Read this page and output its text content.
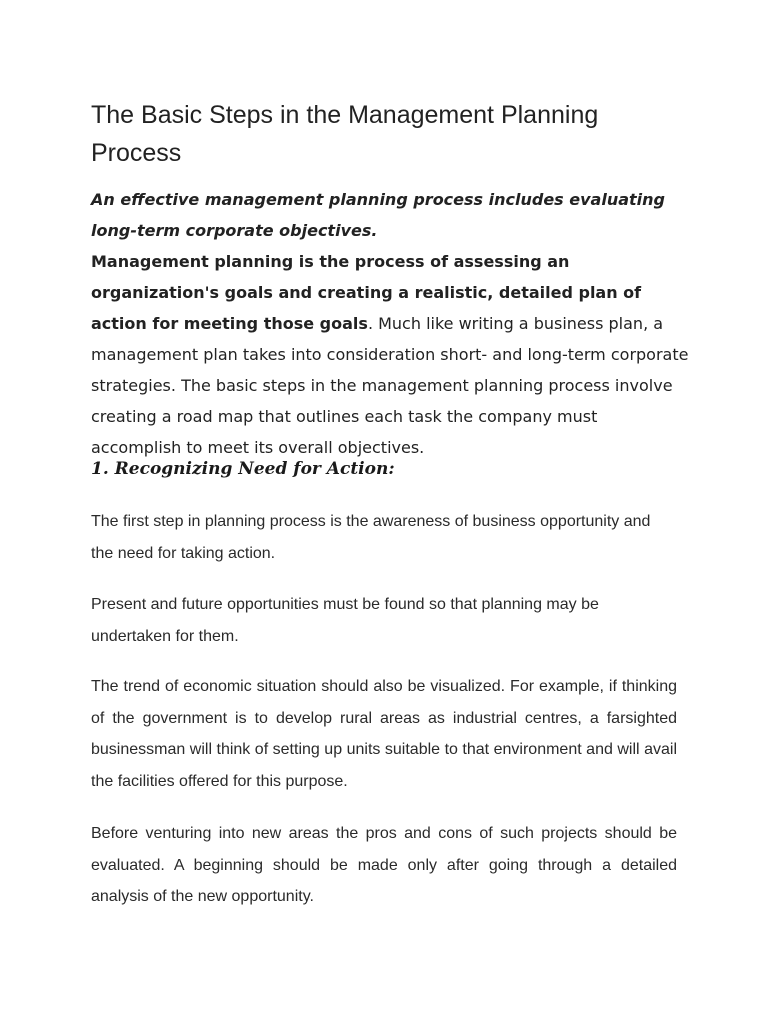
The Basic Steps in the Management Planning Process

An effective management planning process includes evaluating long-term corporate objectives.
Management planning is the process of assessing an organization's goals and creating a realistic, detailed plan of action for meeting those goals. Much like writing a business plan, a management plan takes into consideration short- and long-term corporate strategies. The basic steps in the management planning process involve creating a road map that outlines each task the company must accomplish to meet its overall objectives.

1. Recognizing Need for Action:

The first step in planning process is the awareness of business opportunity and the need for taking action.

Present and future opportunities must be found so that planning may be undertaken for them.

The trend of economic situation should also be visualized. For example, if thinking of the government is to develop rural areas as industrial centres, a farsighted businessman will think of setting up units suitable to that environment and will avail the facilities offered for this purpose.

Before venturing into new areas the pros and cons of such projects should be evaluated. A beginning should be made only after going through a detailed analysis of the new opportunity.
